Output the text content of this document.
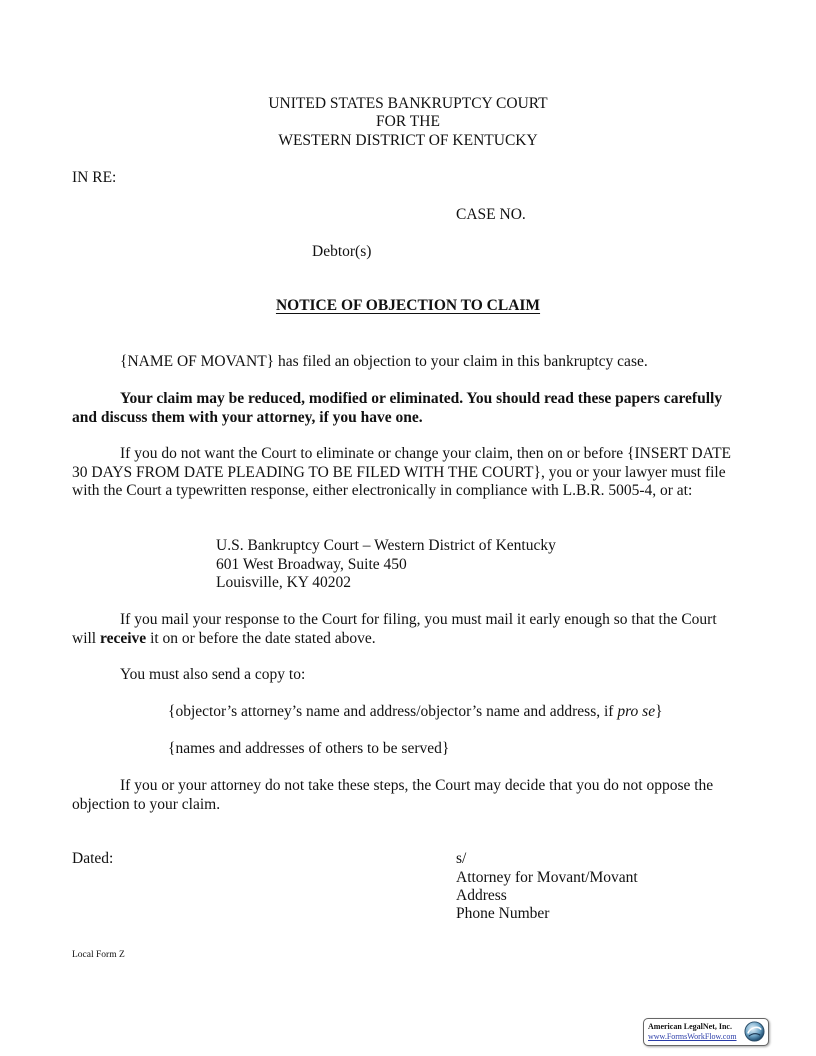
UNITED STATES BANKRUPTCY COURT
FOR THE
WESTERN DISTRICT OF KENTUCKY
IN RE:
CASE NO.
Debtor(s)
NOTICE OF OBJECTION TO CLAIM
{NAME OF MOVANT} has filed an objection to your claim in this bankruptcy case.
Your claim may be reduced, modified or eliminated. You should read these papers carefully and discuss them with your attorney, if you have one.
If you do not want the Court to eliminate or change your claim, then on or before {INSERT DATE 30 DAYS FROM DATE PLEADING TO BE FILED WITH THE COURT}, you or your lawyer must file with the Court a typewritten response, either electronically in compliance with L.B.R. 5005-4, or at:
U.S. Bankruptcy Court – Western District of Kentucky
601 West Broadway, Suite 450
Louisville, KY 40202
If you mail your response to the Court for filing, you must mail it early enough so that the Court will receive it on or before the date stated above.
You must also send a copy to:
{objector’s attorney’s name and address/objector’s name and address, if pro se}
{names and addresses of others to be served}
If you or your attorney do not take these steps, the Court may decide that you do not oppose the objection to your claim.
Dated:	s/
Attorney for Movant/Movant
Address
Phone Number
Local Form Z
American LegalNet, Inc.
www.FormsWorkFlow.com
